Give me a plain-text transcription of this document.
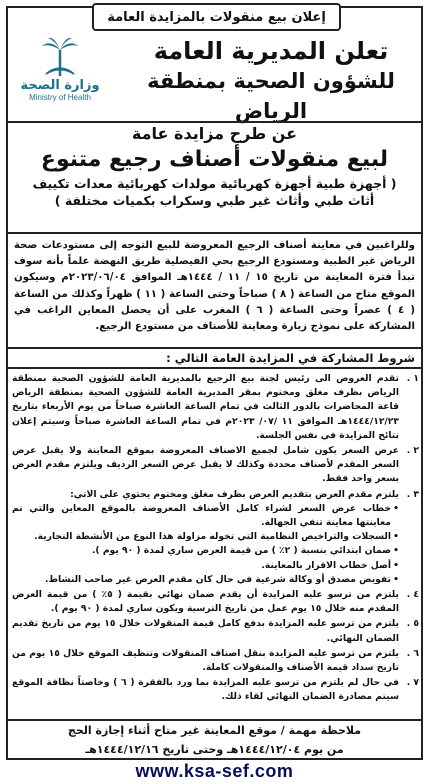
إعلان بيع منقولات بالمزايدة العامة
تعلن المديرية العامة
للشؤون الصحية بمنطقة الرياض
وزارة الصحة
Ministry of Health
عن طرح مزايدة عامة
لبيع منقولات أصناف رجيع متنوع
( أجهزة طبية أجهزة كهربائية مولدات كهربائية معدات تكييف
أثاث طبي وأثاث غير طبي وسكراب بكميات مختلفة )
وللراغبين في معاينة أصناف الرجيع المعروضة للبيع التوجه إلى مستودعات صحة الرياض غير الطبية ومستودع الرجيع بحي الفيصلية طريق النهضة علماً بأنه سوف تبدأ فترة المعاينة من تاريخ ١٥ / ١١ / ١٤٤٤هـ الموافق ٢٠٢٣/٠٦/٠٤م وسيكون الموقع متاح من الساعة ( ٨ ) صباحاً وحتى الساعة ( ١١ ) ظهراً وكذلك من الساعة ( ٤ ) عصراً وحتى الساعة ( ٦ ) المغرب على أن يحصل المعاين الراغب في المشاركة على نموذج زيارة ومعاينة للأصناف من مستودع الرجيع.
شروط المشاركة في المزايدة العامة التالي :
١ .
تقدم العروض الى رئيس لجنة بيع الرجيع بالمديرية العامة للشؤون الصحية بمنطقة الرياض بظرف مغلق ومختوم بمقر المديرية العامة للشؤون الصحية بمنطقة الرياض قاعة المحاضرات بالدور الثالث في تمام الساعة العاشرة صباحاً من يوم الأربعاء بتاريخ ١٤٤٤/١٢/٢٣هـ الموافق ١١ /٠٧/ ٢٠٢٣م في تمام الساعة العاشرة صباحاً وسيتم إعلان نتائج المزايدة في نفس الجلسة.
٢ .
عرض السعر يكون شامل لجميع الاصناف المعروضة بموقع المعاينة ولا يقبل عرض السعر المقدم لأصناف محددة وكذلك لا يقبل عرض السعر الرديف ويلتزم مقدم العرض بسعر واحد فقط.
٣ .
يلتزم مقدم العرض بتقديم العرض بظرف مغلق ومختوم يحتوي على الاتي:
• خطاب عرض السعر لشراء كامل الأصناف المعروضة بالموقع المعاين والتي تم معاينتها معاينة تنفي الجهالة.
• السجلات والتراخيص النظامية التي تخوله مزاولة هذا النوع من الأنشطة التجارية.
• ضمان ابتدائي بنسبة ( ٢٪ ) من قيمة العرض ساري لمدة ( ٩٠ يوم ).
• أصل خطاب الاقرار بالمعاينة.
• تفويض مصدق أو وكالة شرعية في حال كان مقدم العرض غير صاحب النشاط.
٤ .
يلتزم من ترسو عليه المزايدة أن يقدم ضمان نهائي بقيمة ( ٥٪ ) من قيمة العرض المقدم منه خلال ١٥ يوم عمل من تاريخ الترسية ويكون ساري لمدة ( ٩٠ يوم ).
٥ .
يلتزم من ترسو عليه المزايدة بدفع كامل قيمة المنقولات خلال ١٥ يوم من تاريخ تقديم الضمان النهائي.
٦ .
يلتزم من ترسو عليه المزايدة بنقل اصناف المنقولات وتنظيف الموقع خلال ١٥ يوم من تاريخ سداد قيمة الأصناف والمنقولات كاملة.
٧ .
في حال لم يلتزم من ترسو عليه المزايدة بما ورد بالفقرة ( ٦ ) وخاصتاً نظافة الموقع سيتم مصادرة الضمان النهائي لقاء ذلك.
ملاحظة مهمة / موقع المعاينة غير متاح أثناء إجازة الحج
من يوم ١٤٤٤/١٢/٠٤هـ وحتى تاريخ ١٤٤٤/١٢/١٦هـ
www.ksa-sef.com
